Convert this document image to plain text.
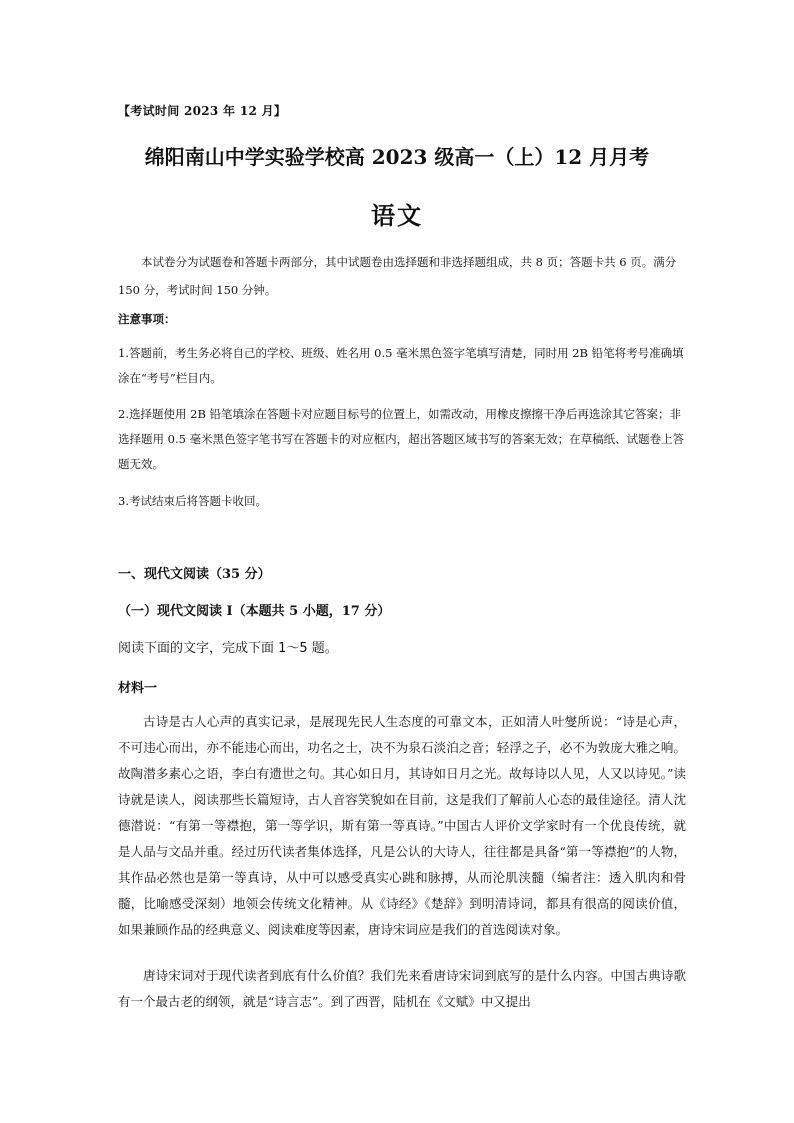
【考试时间 2023 年 12 月】
绵阳南山中学实验学校高 2023 级高一（上）12 月月考
语文
本试卷分为试题卷和答题卡两部分，其中试题卷由选择题和非选择题组成，共 8 页；答题卡共 6 页。满分 150 分，考试时间 150 分钟。
注意事项：
1.答题前，考生务必将自己的学校、班级、姓名用 0.5 毫米黑色签字笔填写清楚，同时用 2B 铅笔将考号准确填涂在“考号”栏目内。
2.选择题使用 2B 铅笔填涂在答题卡对应题目标号的位置上，如需改动，用橡皮擦擦干净后再选涂其它答案；非选择题用 0.5 毫米黑色签字笔书写在答题卡的对应框内，超出答题区域书写的答案无效；在草稿纸、试题卷上答题无效。
3.考试结束后将答题卡收回。
一、现代文阅读（35 分）
（一）现代文阅读 Ⅰ（本题共 5 小题，17 分）
阅读下面的文字，完成下面 1～5 题。
材料一
古诗是古人心声的真实记录，是展现先民人生态度的可靠文本，正如清人叶燮所说：“诗是心声，不可违心而出，亦不能违心而出，功名之士，决不为泉石淡泊之音；轻浮之子，必不为敦庞大雅之响。故陶潜多素心之语，李白有遗世之句。其心如日月，其诗如日月之光。故每诗以人见，人又以诗见。”读诗就是读人，阅读那些长篇短诗，古人音容笑貌如在目前，这是我们了解前人心态的最佳途径。清人沈德潜说：“有第一等襟抱，第一等学识，斯有第一等真诗。”中国古人评价文学家时有一个优良传统，就是人品与文品并重。经过历代读者集体选择，凡是公认的大诗人，往往都是具备“第一等襟抱”的人物，其作品必然也是第一等真诗，从中可以感受真实心跳和脉搏，从而沦肌浃髓（编者注：透入肌肉和骨髓，比喻感受深刻）地领会传统文化精神。从《诗经》《楚辞》到明清诗词，都具有很高的阅读价值，如果兼顾作品的经典意义、阅读难度等因素，唐诗宋词应是我们的首选阅读对象。
唐诗宋词对于现代读者到底有什么价值？我们先来看唐诗宋词到底写的是什么内容。中国古典诗歌有一个最古老的纲领，就是“诗言志”。到了西晋，陆机在《文赋》中又提出
